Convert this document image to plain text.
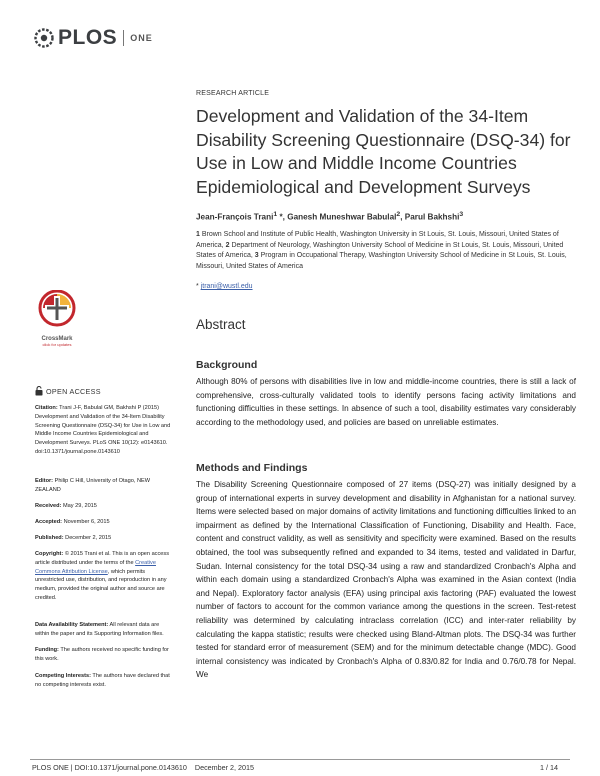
PLOS ONE
RESEARCH ARTICLE
Development and Validation of the 34-Item Disability Screening Questionnaire (DSQ-34) for Use in Low and Middle Income Countries Epidemiological and Development Surveys
Jean-François Trani$^1$ *, Ganesh Muneshwar Babulal$^2$, Parul Bakhshi$^3$
1 Brown School and Institute of Public Health, Washington University in St Louis, St. Louis, Missouri, United States of America, 2 Department of Neurology, Washington University School of Medicine in St Louis, St. Louis, Missouri, United States of America, 3 Program in Occupational Therapy, Washington University School of Medicine in St Louis, St. Louis, Missouri, United States of America
* jtrani@wustl.edu
Abstract
Background
Although 80% of persons with disabilities live in low and middle-income countries, there is still a lack of comprehensive, cross-culturally validated tools to identify persons facing activity limitations and functioning difficulties in these settings. In absence of such a tool, disability estimates vary considerably according to the methodology used, and policies are based on unreliable estimates.
Methods and Findings
The Disability Screening Questionnaire composed of 27 items (DSQ-27) was initially designed by a group of international experts in survey development and disability in Afghanistan for a national survey. Items were selected based on major domains of activity limitations and functioning difficulties linked to an impairment as defined by the International Classification of Functioning, Disability and Health. Face, content and construct validity, as well as sensitivity and specificity were examined. Based on the results obtained, the tool was subsequently refined and expanded to 34 items, tested and validated in Darfur, Sudan. Internal consistency for the total DSQ-34 using a raw and standardized Cronbach's Alpha and within each domain using a standardized Cronbach's Alpha was examined in the Asian context (India and Nepal). Exploratory factor analysis (EFA) using principal axis factoring (PAF) evaluated the lowest number of factors to account for the common variance among the questions in the screen. Test-retest reliability was determined by calculating intraclass correlation (ICC) and inter-rater reliability by calculating the kappa statistic; results were checked using Bland-Altman plots. The DSQ-34 was further tested for standard error of measurement (SEM) and for the minimum detectable change (MDC). Good internal consistency was indicated by Cronbach's Alpha of 0.83/0.82 for India and 0.76/0.78 for Nepal. We
CrossMark
click for updates
OPEN ACCESS
Citation: Trani J-F, Babulal GM, Bakhshi P (2015) Development and Validation of the 34-Item Disability Screening Questionnaire (DSQ-34) for Use in Low and Middle Income Countries Epidemiological and Development Surveys. PLoS ONE 10(12): e0143610. doi:10.1371/journal.pone.0143610
Editor: Philip C Hill, University of Otago, NEW ZEALAND
Received: May 29, 2015
Accepted: November 6, 2015
Published: December 2, 2015
Copyright: © 2015 Trani et al. This is an open access article distributed under the terms of the Creative Commons Attribution License, which permits unrestricted use, distribution, and reproduction in any medium, provided the original author and source are credited.
Data Availability Statement: All relevant data are within the paper and its Supporting Information files.
Funding: The authors received no specific funding for this work.
Competing Interests: The authors have declared that no competing interests exist.
PLOS ONE | DOI:10.1371/journal.pone.0143610    December 2, 2015	1 / 14
